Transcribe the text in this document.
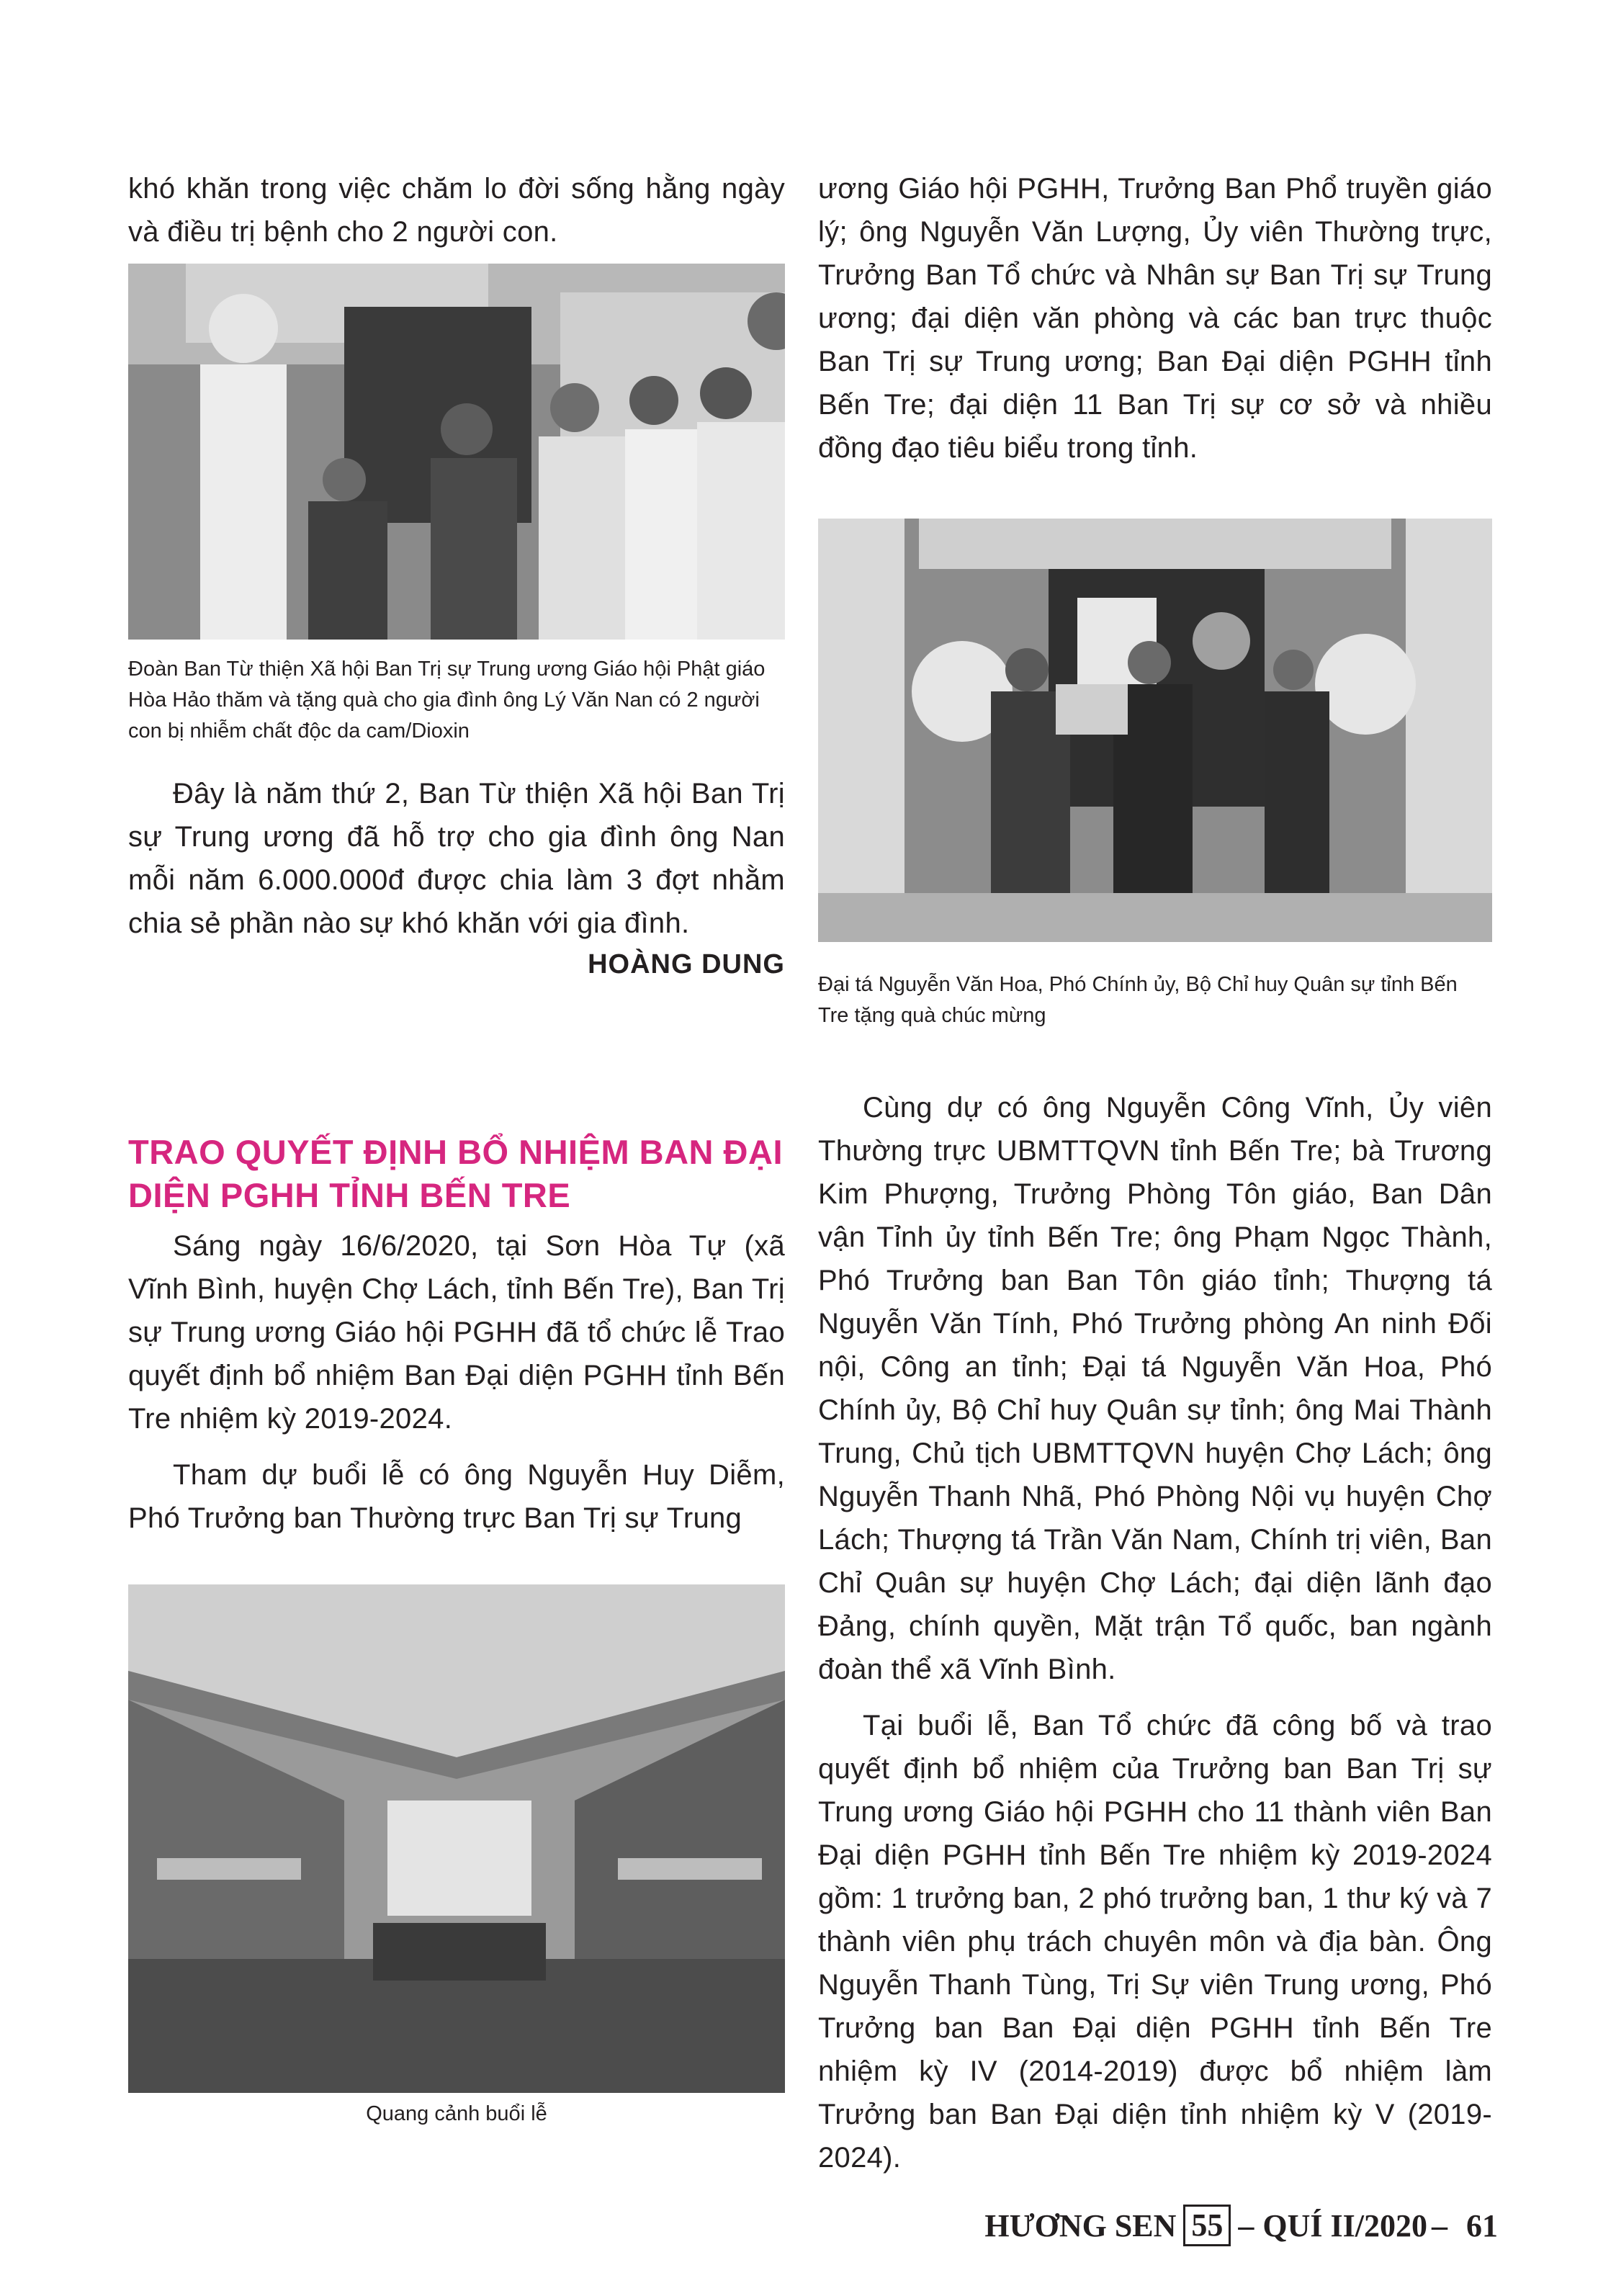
khó khăn trong việc chăm lo đời sống hằng ngày và điều trị bệnh cho 2 người con.

Đoàn Ban Từ thiện Xã hội Ban Trị sự Trung ương Giáo hội Phật giáo Hòa Hảo thăm và tặng quà cho gia đình ông Lý Văn Nan có 2 người con bị nhiễm chất độc da cam/Dioxin

Đây là năm thứ 2, Ban Từ thiện Xã hội Ban Trị sự Trung ương đã hỗ trợ cho gia đình ông Nan mỗi năm 6.000.000đ được chia làm 3 đợt nhằm chia sẻ phần nào sự khó khăn với gia đình.

HOÀNG DUNG
TRAO QUYẾT ĐỊNH BỔ NHIỆM BAN ĐẠI DIỆN PGHH TỈNH BẾN TRE

Sáng ngày 16/6/2020, tại Sơn Hòa Tự (xã Vĩnh Bình, huyện Chợ Lách, tỉnh Bến Tre), Ban Trị sự Trung ương Giáo hội PGHH đã tổ chức lễ Trao quyết định bổ nhiệm Ban Đại diện PGHH tỉnh Bến Tre nhiệm kỳ 2019-2024.

Tham dự buổi lễ có ông Nguyễn Huy Diễm, Phó Trưởng ban Thường trực Ban Trị sự Trung

Quang cảnh buổi lễ

ương Giáo hội PGHH, Trưởng Ban Phổ truyền giáo lý; ông Nguyễn Văn Lượng, Ủy viên Thường trực, Trưởng Ban Tổ chức và Nhân sự Ban Trị sự Trung ương; đại diện văn phòng và các ban trực thuộc Ban Trị sự Trung ương; Ban Đại diện PGHH tỉnh Bến Tre; đại diện 11 Ban Trị sự cơ sở và nhiều đồng đạo tiêu biểu trong tỉnh.

Đại tá Nguyễn Văn Hoa, Phó Chính ủy, Bộ Chỉ huy Quân sự tỉnh Bến Tre tặng quà chúc mừng

Cùng dự có ông Nguyễn Công Vĩnh, Ủy viên Thường trực UBMTTQVN tỉnh Bến Tre; bà Trương Kim Phượng, Trưởng Phòng Tôn giáo, Ban Dân vận Tỉnh ủy tỉnh Bến Tre; ông Phạm Ngọc Thành, Phó Trưởng ban Ban Tôn giáo tỉnh; Thượng tá Nguyễn Văn Tính, Phó Trưởng phòng An ninh Đối nội, Công an tỉnh; Đại tá Nguyễn Văn Hoa, Phó Chính ủy, Bộ Chỉ huy Quân sự tỉnh; ông Mai Thành Trung, Chủ tịch UBMTTQVN huyện Chợ Lách; ông Nguyễn Thanh Nhã, Phó Phòng Nội vụ huyện Chợ Lách; Thượng tá Trần Văn Nam, Chính trị viên, Ban Chỉ Quân sự huyện Chợ Lách; đại diện lãnh đạo Đảng, chính quyền, Mặt trận Tổ quốc, ban ngành đoàn thể xã Vĩnh Bình.

Tại buổi lễ, Ban Tổ chức đã công bố và trao quyết định bổ nhiệm của Trưởng ban Ban Trị sự Trung ương Giáo hội PGHH cho 11 thành viên Ban Đại diện PGHH tỉnh Bến Tre nhiệm kỳ 2019-2024 gồm: 1 trưởng ban, 2 phó trưởng ban, 1 thư ký và 7 thành viên phụ trách chuyên môn và địa bàn. Ông Nguyễn Thanh Tùng, Trị Sự viên Trung ương, Phó Trưởng ban Ban Đại diện PGHH tỉnh Bến Tre nhiệm kỳ IV (2014-2019) được bổ nhiệm làm Trưởng ban Ban Đại diện tỉnh nhiệm kỳ V (2019-2024).

HƯƠNG SEN 55 – QUÍ II/2020 – 61
